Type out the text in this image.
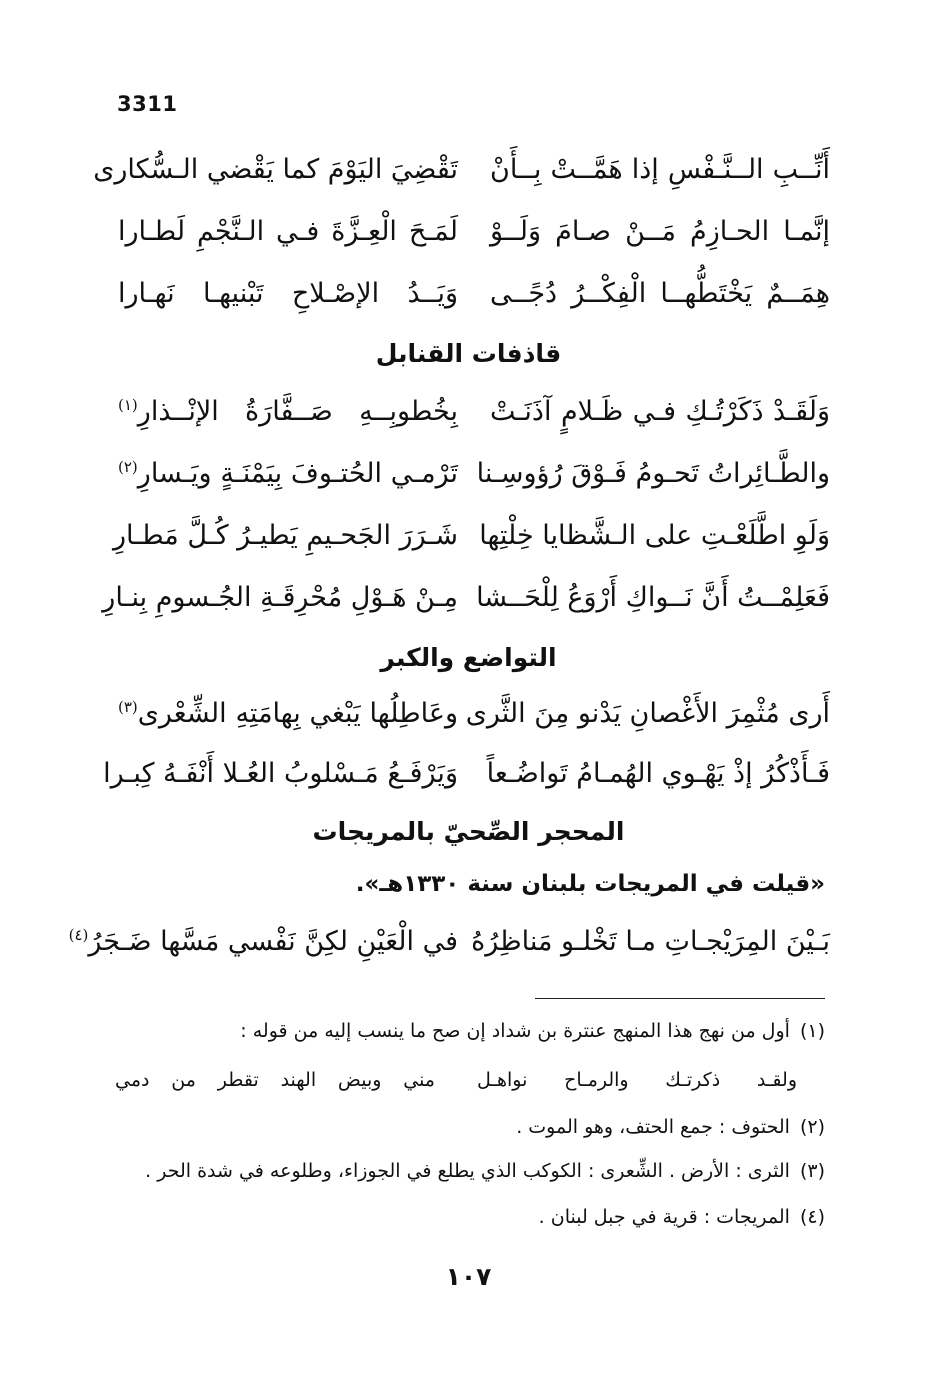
3311
أَنِّــبِ الــنَّـفْسِ إذا هَمَّــتْ بِــأَنْ
تَقْضِيَ اليَوْمَ كما يَقْضي الـسُّكارى
إنَّمـا الحـازِمُ مَــنْ صـامَ وَلَــوْ
لَمَـحَ الْعِـزَّةَ فـي الـنَّجْمِ لَطـارا
هِمَــمٌ يَخْتَطُّهــا الْفِكْــرُ دُجًــى
وَيَــدُ الإصْـلاحِ تَبْنيهـا نَهـارا
قاذفات القنابل
وَلَقَـدْ ذَكَرْتُـكِ فـي ظَـلامٍ آذَنَـتْ
بِخُطوبِــهِ صَــفَّارَةُ الإنْــذارِ$^{(١)}$
والطَّـائِراتُ تَحـومُ فَـوْقَ رُؤوسِـنا
تَرْمـي الحُتـوفَ بِيَمْنَـةٍ ويَـسارِ$^{(٢)}$
وَلَوِ اطَّلَعْـتِ على الـشَّظايا خِلْتِها
شَـرَرَ الجَحـيمِ يَطيـرُ كُـلَّ مَطـارِ
فَعَلِمْــتُ أَنَّ نَــواكِ أَرْوَعُ لِلْحَــشا
مِـنْ هَـوْلِ مُحْرِقَـةِ الجُـسومِ بِنـارِ
التواضع والكبر
أَرى مُثْمِرَ الأَغْصانِ يَدْنو مِنَ الثَّرى
وعَاطِلُها يَبْغي بِهامَتِهِ الشِّعْرى$^{(٣)}$
فَـأَذْكُرُ إذْ يَهْـوي الهُمـامُ تَواضُـعاً
وَيَرْفَـعُ مَـسْلوبُ العُـلا أَنْفَـهُ كِبـرا
المحجر الصِّحيّ بالمريجات
«قيلت في المريجات بلبنان سنة ١٣٣٠هـ».
بَـيْنَ المِرَيْجـاتِ مـا تَخْلـو مَناظِرُهُ
في الْعَيْنِ لكِنَّ نَفْسي مَسَّها ضَـجَرُ$^{(٤)}$
(١)أول من نهج هذا المنهج عنترة بن شداد إن صح ما ينسب إليه من قوله :
ولقـد ذكرتـك والرمـاح نواهـل
مني وبيض الهند تقطر من دمي
(٢)الحتوف : جمع الحتف، وهو الموت .
(٣)الثرى : الأرض . الشِّعرى : الكوكب الذي يطلع في الجوزاء، وطلوعه في شدة الحر .
(٤)المريجات : قرية في جبل لبنان .
١٠٧
